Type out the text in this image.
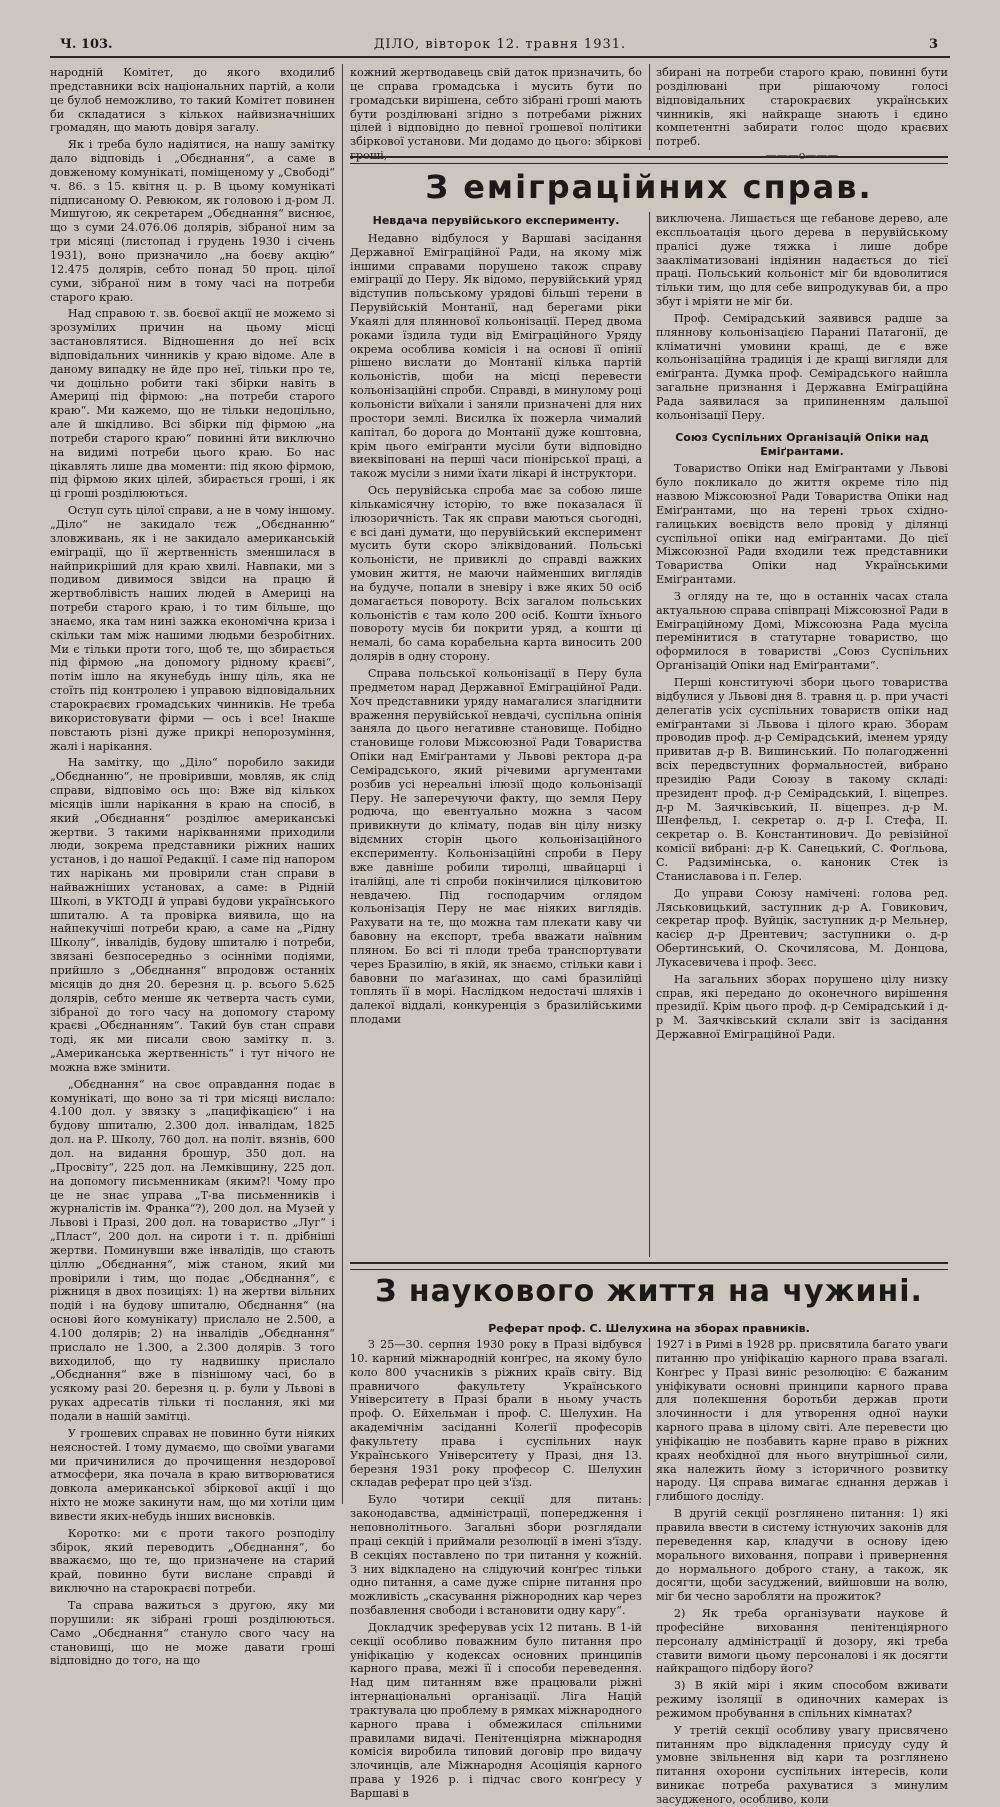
Ч. 103.	ДІЛО, вівторок 12. травня 1931.	3

народній Комітет, до якого входилиб представники всіх національних партій, а коли це булоб неможливо, то такий Комітет повинен би складатися з кількох найвизначніших громадян, що мають довіря загалу.

Як і треба було надіятися, на нашу замітку дало відповідь і „Обєднання“, а саме в довженому комунікаті, поміщеному у „Свободі“ ч. 86. з 15. квітня ц. р. В цьому комунікаті підписаному О. Ревюком, як головою і д-ром Л. Мишугою, як секретарем „Обєднання“ виснює, що з суми 24.076.06 долярів, зібраної ним за три місяці (листопад і грудень 1930 і січень 1931), воно призначило „на боєву акцію“ 12.475 долярів, себто понад 50 проц. цілої суми, зібраної ним в тому часі на потреби старого краю.

Над справою т. зв. боєвої акції не можемо зі зрозумілих причин на цьому місці застановлятися. Відношення до неї всіх відповідальних чинників у краю відоме. Але в даному випадку не йде про неї, тільки про те, чи доцільно робити такі збірки навіть в Америці під фірмою: „на потреби старого краю“. Ми кажемо, що не тільки недоцільно, але й шкідливо. Всі збірки під фірмою „на потреби старого краю“ повинні йти виключно на видимі потреби цього краю. Бо нас цікавлять лише два моменти: під якою фірмою, під фірмою яких цілей, збирається гроші, і як ці гроші розділюються.

Оступ суть цілої справи, а не в чому іншому. „Діло“ не закидало тєж „Обєднанню“ зловживань, як і не закидало американській еміграції, що її жертвенність зменшилася в найприкріший для краю хвилі. Навпаки, ми з подивом дивимося звідси на працю й жертвоблівість наших людей в Америці на потреби старого краю, і то тим більше, що знаємо, яка там нині зажка економічна криза і скільки там між нашими людьми безробітних. Ми є тільки проти того, щоб те, що збирається під фірмою „на допомогу рідному краєві“, потім ішло на якунебудь іншу ціль, яка не стоїть під контролею і управою відповідальних старокраєвих громадських чинників. Не треба використовувати фірми — ось і все! Інакше повстають різні дуже прикрі непорозуміння, жалі і нарікання.

На замітку, що „Діло“ поробило закиди „Обєднанню“, не провіривши, мовляв, як слід справи, відповімо ось що: Вже від кількох місяців ішли нарікання в краю на спосіб, в який „Обєднання“ розділює американські жертви. З такими нарікваннями приходили люди, зокрема представники ріжних наших установ, і до нашої Редакції. І саме під напором тих нарікань ми провірили стан справи в найважніших установах, а саме: в Рідній Школі, в УКТОДІ й управі будови українського шпиталю. А та провірка виявила, що на найпекучіші потреби краю, а саме на „Рідну Школу“, інвалідів, будову шпиталю і потреби, звязані безпосередньо з осінніми подіями, прийшло з „Обєднання“ впродовж останніх місяців до дня 20. березня ц. р. всього 5.625 долярів, себто менше як четверта часть суми, зібраної до того часу на допомогу старому краєві „Обєднанням“. Такий був стан справи тоді, як ми писали свою замітку п. з. „Американська жертвенність“ і тут нічого не можна вже змінити.

„Обєднання“ на своє оправдання подає в комунікаті, що воно за ті три місяці вислало: 4.100 дол. у звязку з „пацифікацією“ і на будову шпиталю, 2.300 дол. інвалідам, 1825 дол. на Р. Школу, 760 дол. на політ. вязнів, 600 дол. на видання брошур, 350 дол. на „Просвіту“, 225 дол. на Лемківщину, 225 дол. на допомогу письменникам (яким?! Чому про це не знає управа „Т-ва письменників і журналістів ім. Франка“?), 200 дол. на Музей у Львові і Празі, 200 дол. на товариство „Луг“ і „Пласт“, 200 дол. на сироти і т. п. дрібніші жертви. Поминувши вже інвалідів, що стають ціллю „Обєднання“, між станом, який ми провірили і тим, що подає „Обєднання“, є ріжниця в двох позиціях: 1) на жертви вільних подій і на будову шпиталю, Обєднання“ (на основі його комунікату) прислало не 2.500, а 4.100 долярів; 2) на інвалідів „Обєднання“ прислало не 1.300, а 2.300 долярів. З того виходилоб, що ту надвишку прислало „Обєднання“ вже в пізнішому часі, бо в усякому разі 20. березня ц. р. були у Львові в руках адресатів тільки ті послання, які ми подали в нашій замітці.

У грошевих справах не повинно бути ніяких неясностей. І тому думаємо, що своїми увагами ми причинилися до прочищення нездорової атмосфери, яка почала в краю витворюватися довкола американської збіркової акції і що ніхто не може закинути нам, що ми хотіли цим вивести яких-небудь інших висновків.

Коротко: ми є проти такого розподілу збірок, який переводить „Обєднання“, бо вважаємо, що те, що призначене на старий край, повинно бути вислане справді й виключно на старокраєві потреби.

Та справа важиться з другою, яку ми порушили: як зібрані гроші розділюються. Само „Обєднання“ стануло свого часу на становищі, що не може давати гроші відповідно до того, на що

кожний жертводавець свій даток призначить, бо це справа громадська і мусить бути по громадськи вирішена, себто зібрані гроші мають бути розділювані згідно з потребами ріжних цілей і відповідно до певної грошевої політики збіркової установи. Ми додамо до цього: збіркові гроші,

збирані на потреби старого краю, повинні бути розділювані при рішаючому голосі відповідальних старокраєвих українських чинників, які найкраще знають і єдино компетентні забирати голос щодо краєвих потреб.

———o———
З еміграційних справ.
Невдача перувійського експерименту.

Недавно відбулося у Варшаві засідання Державної Еміграційної Ради, на якому між іншими справами порушено також справу еміграції до Перу. Як відомо, перувійський уряд відступив польському урядові більші терени в Перувійській Монтанії, над берегами ріки Укаялі для пляннової кольонізації. Перед двома роками їздила туди від Еміграційного Уряду окрема особлива комісія і на основі її опінії рішено вислати до Монтанії кілька партій кольоністів, щоби на місці перевести кольонізаційні спроби. Справді, в минулому році кольоністи виїхали і заняли призначені для них простори землі. Висилка їх пожерла чималий капітал, бо дорога до Монтанії дуже коштовна, крім цього еміґранти мусіли бути відповідно виеквіповані на перші часи піонірської праці, а також мусіли з ними їхати лікарі й інструктори.

Ось перувійська спроба має за собою лише кількамісячну історію, то вже показалася її ілюзоричність. Так як справи маються сьогодні, є всі дані думати, що перувійський експеримент мусить бути скоро зліквідований. Польські кольоністи, не привиклі до справді важких умовин життя, не маючи найменших виглядів на будуче, попали в зневіру і вже яких 50 осіб домагається повороту. Всіх загалом польських кольоністів є там коло 200 осіб. Кошти їхнього повороту мусів би покрити уряд, а кошти ці немалі, бо сама корабельна карта виносить 200 долярів в одну сторону.

Справа польської кольонізації в Перу була предметом нарад Державної Еміграційної Ради. Хоч представники уряду намагалися злагіднити враження перувійської невдачі, суспільна опінія заняла до цього негативне становище. Побідно становище голови Міжсоюзної Ради Товариства Опіки над Еміґрантами у Львові ректора д-ра Семірадського, який річевими аргументами розбив усі нереальні ілюзії щодо кольонізації Перу. Не заперечуючи факту, що земля Перу родюча, що евентуально можна з часом привикнути до клімату, подав він цілу низку відємних сторін цього кольонізаційного експерименту. Кольонізаційні спроби в Перу вже давніше робили тиролці, швайцарці і італійці, але ті спроби покінчилися цілковитою невдачею. Під господарчим оглядом кольонізація Перу не має ніяких виглядів. Рахувати на те, що можна там плекати каву чи бавовну на експорт, треба вважати наївним пляном. Бо всі ті плоди треба транспортувати через Бразилію, в якій, як знаємо, стільки кави і бавовни по маґазинах, що самі бразилійці топлять її в морі. Наслідком недостачі шляхів і далекої віддалі, конкуренція з бразилійськими плодами

виключена. Лишається ще гебанове дерево, але експльоатація цього дерева в перувійському пралісі дуже тяжка і лише добре заакліматизовані індіянин надається до тієї праці. Польський кольоніст міг би вдоволитися тільки тим, що для себе випродукував би, а про збут і мріяти не міг би.

Проф. Семірадський заявився радше за пляннову кольонізацією Параниі Патагонії, де кліматичні умовини кращі, де є вже кольонізаційна традиція і де кращі вигляди для еміґранта. Думка проф. Семірадського найшла загальне признання і Державна Еміграційна Рада заявилася за припиненням дальшої кольонізації Перу.

Союз Суспільних Організацій Опіки над Еміґрантами.

Товариство Опіки над Еміґрантами у Львові було покликало до життя окреме тіло під назвою Міжсоюзної Ради Товариства Опіки над Еміґрантами, що на терені трьох східно-галицьких воєвідств вело провід у ділянці суспільної опіки над еміґрантами. До цієї Міжсоюзної Ради входили теж представники Товариства Опіки над Українськими Еміґрантами.

З огляду на те, що в останніх часах стала актуальною справа співпраці Міжсоюзної Ради в Еміграційному Домі, Міжсоюзна Рада мусіла перемінитися в статутарне товариство, що оформилося в товаристві „Союз Суспільних Організацій Опіки над Еміґрантами“.

Перші конституючі збори цього товариства відбулися у Львові дня 8. травня ц. р. при участі делегатів усіх суспільних товариств опіки над еміґрантами зі Львова і цілого краю. Зборам проводив проф. д-р Семірадський, іменем уряду привитав д-р В. Вишинський. По полагодженні всіх передвступних формальностей, вибрано президію Ради Союзу в такому складі: президент проф. д-р Семірадський, І. віцепрез. д-р М. Заячківський, ІІ. віцепрез. д-р М. Шенфельд, І. секретар о. д-р І. Стефа, ІІ. секретар о. В. Константинович. До ревізійної комісії вибрані: д-р К. Санецький, С. Фоґльова, С. Радзимінська, о. каноник Стек із Станиславова і п. Гелер.

До управи Союзу намічені: голова ред. Ляськовицький, заступник д-р А. Говикович, секретар проф. Вуйцік, заступник д-р Мельнер, касієр д-р Дрентевич; заступники о. д-р Обертинський, О. Скочилясова, М. Донцова, Лукасевичева і проф. Зеєс.

На загальних зборах порушено цілу низку справ, які передано до оконечного вирішення президії. Крім цього проф. д-р Семірадський і д-р М. Заячківський склали звіт із засідання Державної Еміграційної Ради.

З наукового життя на чужині.
Реферат проф. С. Шелухина на зборах правників.

З 25—30. серпня 1930 року в Празі відбувся 10. карний міжнародній конґрес, на якому було коло 800 учасників з ріжних країв світу. Від правничого факультету Українського Університету в Празі брали в ньому участь проф. О. Ейхельман і проф. С. Шелухин. На академічнім засіданні Колеґії професорів факультету права і суспільних наук Українського Університету у Празі, дня 13. березня 1931 року професор С. Шелухин складав реферат про цей з'їзд.

Було чотири секції для питань: законодавства, адміністрації, попередження і неповнолітнього. Загальні збори розглядали праці секцій і приймали резолюції в імені з'їзду. В секціях поставлено по три питання у кожній. З них відкладено на слідуючий конґрес тільки одно питання, а саме дуже спірне питання про можливість „скасування ріжнородних кар через позбавлення свободи і встановити одну кару“.

Докладчик зреферував усіх 12 питань. В 1-ій секції особливо поважним було питання про уніфікацію у кодексах основних принципів карного права, межі її і способи переведення. Над цим питанням вже працювали ріжні інтернаціональні організації. Ліга Націй трактувала цю проблему в рямках міжнародного карного права і обмежилася спільними правилами видачі. Пенітенціярна міжнародня комісія виробила типовий договір про видачу злочинців, але Міжнародня Асоціяція карного права у 1926 р. і підчас свого конґресу у Варшаві в

1927 і в Римі в 1928 рр. присвятила багато уваги питанню про уніфікацію карного права взагалі. Конґрес у Празі виніс резолюцію: Є бажаним уніфікувати основні принципи карного права для полекшення боротьби держав проти злочинности і для утворення одної науки карного права в цілому світі. Але перевести цю уніфікацію не позбавить карне право в ріжних краях необхідної для нього внутрішньої сили, яка належить йому з історичного розвитку народу. Ця справа вимагає єднання держав і глибшого досліду.

В другій секції розглянено питання: 1) які правила ввести в систему істнуючих законів для переведення кар, кладучи в основу ідею морального виховання, поправи і привернення до нормального доброго стану, а також, як досягти, щоби засуджений, вийшовши на волю, міг би чесно заробляти на прожиток?

2) Як треба організувати наукове й професійне виховання пенітенціярного персоналу адміністрації й дозору, які треба ставити вимоги цьому персоналові і як досягти найкращого підбору його?

3) В якій мірі і яким способом вживати режиму ізоляції в одиночних камерах із режимом пробування в спільних кімнатах?

У третій секції особливу увагу присвячено питанням про відкладення присуду суду й умовне звільнення від кари та розглянено питання охорони суспільних інтересів, коли виникає потреба рахуватися з минулим засудженого, особливо, коли
